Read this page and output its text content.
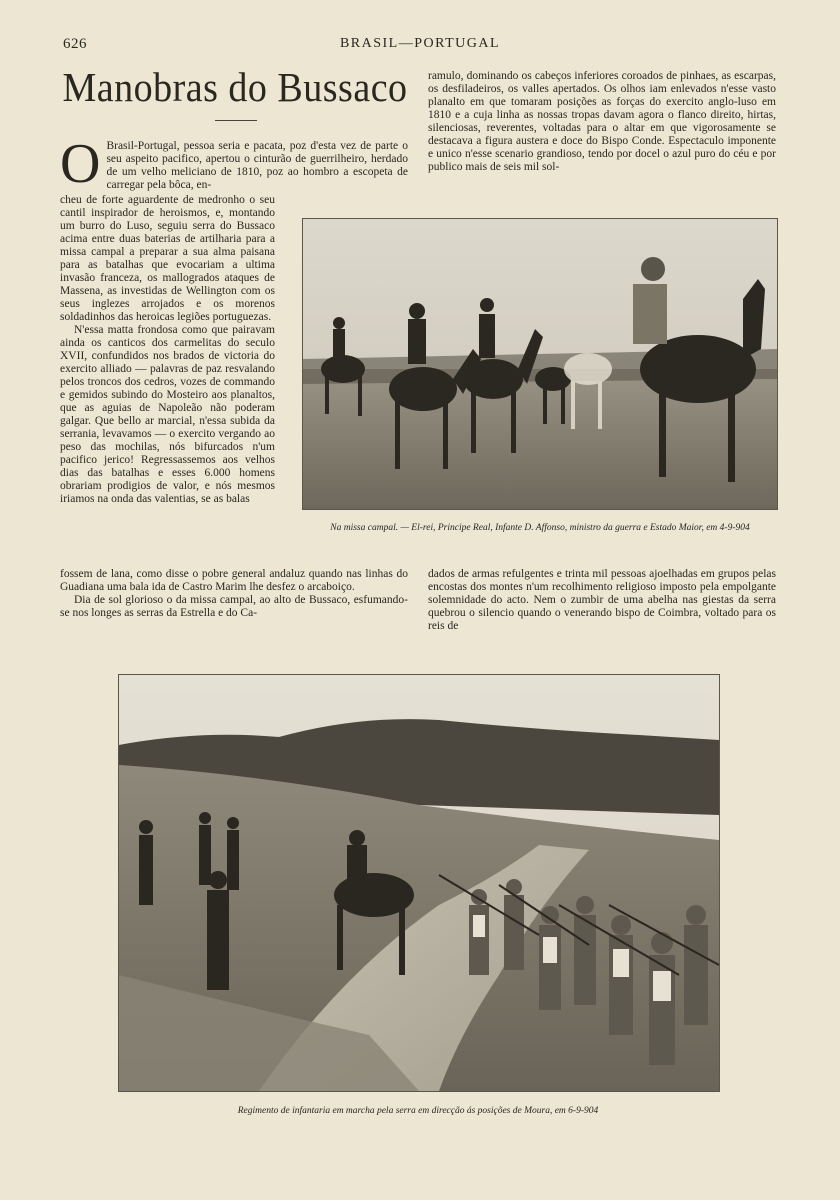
626	BRASIL—PORTUGAL
Manobras do Bussaco
O Brasil-Portugal, pessoa seria e pacata, poz d'esta vez de parte o seu aspeito pacifico, apertou o cinturão de guerrilheiro, herdado de um velho meliciano de 1810, poz ao hombro a escopeta de carregar pela bôca, en-

cheu de forte aguardente de medronho o seu cantil inspirador de heroismos, e, montando um burro do Luso, seguiu serra do Bussaco acima entre duas baterias de artilharia para a missa campal a preparar a sua alma paisana para as batalhas que evocariam a ultima invasão franceza, os mallogrados ataques de Massena, as investidas de Wellington com os seus inglezes arrojados e os morenos soldadinhos das heroicas legiões portuguezas.

N'essa matta frondosa como que pairavam ainda os canticos dos carmelitas do seculo XVII, confundidos nos brados de victoria do exercito alliado — palavras de paz resvalando pelos troncos dos cedros, vozes de commando e gemidos subindo do Mosteiro aos planaltos, que as aguias de Napoleão não poderam galgar. Que bello ar marcial, n'essa subida da serrania, levavamos — o exercito vergando ao peso das mochilas, nós bifurcados n'um pacifico jerico! Regressassemos aos velhos dias das batalhas e esses 6.000 homens obrariam prodigios de valor, e nós mesmos iriamos na onda das valentias, se as balas

fossem de lana, como disse o pobre general andaluz quando nas linhas do Guadiana uma bala ida de Castro Marim lhe desfez o arcaboiço.

Dia de sol glorioso o da missa campal, ao alto de Bussaco, esfumando-se nos longes as serras da Estrella e do Ca-

ramulo, dominando os cabeços inferiores coroados de pinhaes, as escarpas, os desfiladeiros, os valles apertados. Os olhos iam enlevados n'esse vasto planalto em que tomaram posições as forças do exercito anglo-luso em 1810 e a cuja linha as nossas tropas davam agora o flanco direito, hirtas, silenciosas, reverentes, voltadas para o altar em que vigorosamente se destacava a figura austera e doce do Bispo Conde. Espectaculo imponente e unico n'esse scenario grandioso, tendo por docel o azul puro do céu e por publico mais de seis mil sol-

dados de armas refulgentes e trinta mil pessoas ajoelhadas em grupos pelas encostas dos montes n'um recolhimento religioso imposto pela empolgante solemnidade do acto. Nem o zumbir de uma abelha nas giestas da serra quebrou o silencio quando o venerando bispo de Coimbra, voltado para os reis de

Na missa campal. — El-rei, Principe Real, Infante D. Affonso, ministro da guerra e Estado Maior, em 4-9-904
Regimento de infantaria em marcha pela serra em direcção ás posições de Moura, em 6-9-904
